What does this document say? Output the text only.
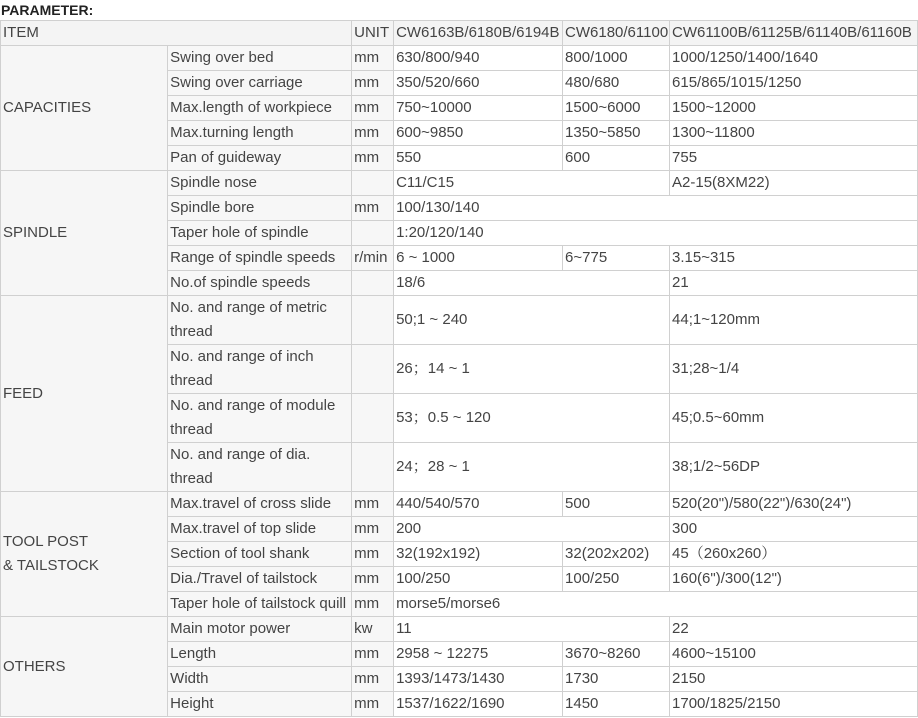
PARAMETER:
ITEM		UNIT	CW6163B/6180B/6194B	CW6180/61100	CW61100B/61125B/61140B/61160B
CAPACITIES	Swing over bed	mm	630/800/940	800/1000	1000/1250/1400/1640
	Swing over carriage	mm	350/520/660	480/680	615/865/1015/1250
	Max.length of workpiece	mm	750~10000	1500~6000	1500~12000
	Max.turning length	mm	600~9850	1350~5850	1300~11800
	Pan of guideway	mm	550	600	755
SPINDLE	Spindle nose		C11/C15		A2-15(8XM22)
	Spindle bore	mm	100/130/140		
	Taper hole of spindle		1:20/120/140		
	Range of spindle speeds	r/min	6 ~ 1000	6~775	3.15~315
	No.of spindle speeds		18/6		21
FEED	No. and range of metric thread		50;1 ~ 240		44;1~120mm
	No. and range of inch thread		26；14 ~ 1		31;28~1/4
	No. and range of module thread		53；0.5 ~ 120		45;0.5~60mm
	No. and range of dia. thread		24；28 ~ 1		38;1/2~56DP
TOOL POST
& TAILSTOCK	Max.travel of cross slide	mm	440/540/570	500	520(20")/580(22")/630(24")
	Max.travel of top slide	mm	200		300
	Section of tool shank	mm	32(192x192)	32(202x202)	45（260x260）
	Dia./Travel of tailstock	mm	100/250	100/250	160(6")/300(12")
	Taper hole of tailstock quill	mm	morse5/morse6		
OTHERS	Main motor power	kw	11		22
	Length	mm	2958 ~ 12275	3670~8260	4600~15100
	Width	mm	1393/1473/1430	1730	2150
	Height	mm	1537/1622/1690	1450	1700/1825/2150
